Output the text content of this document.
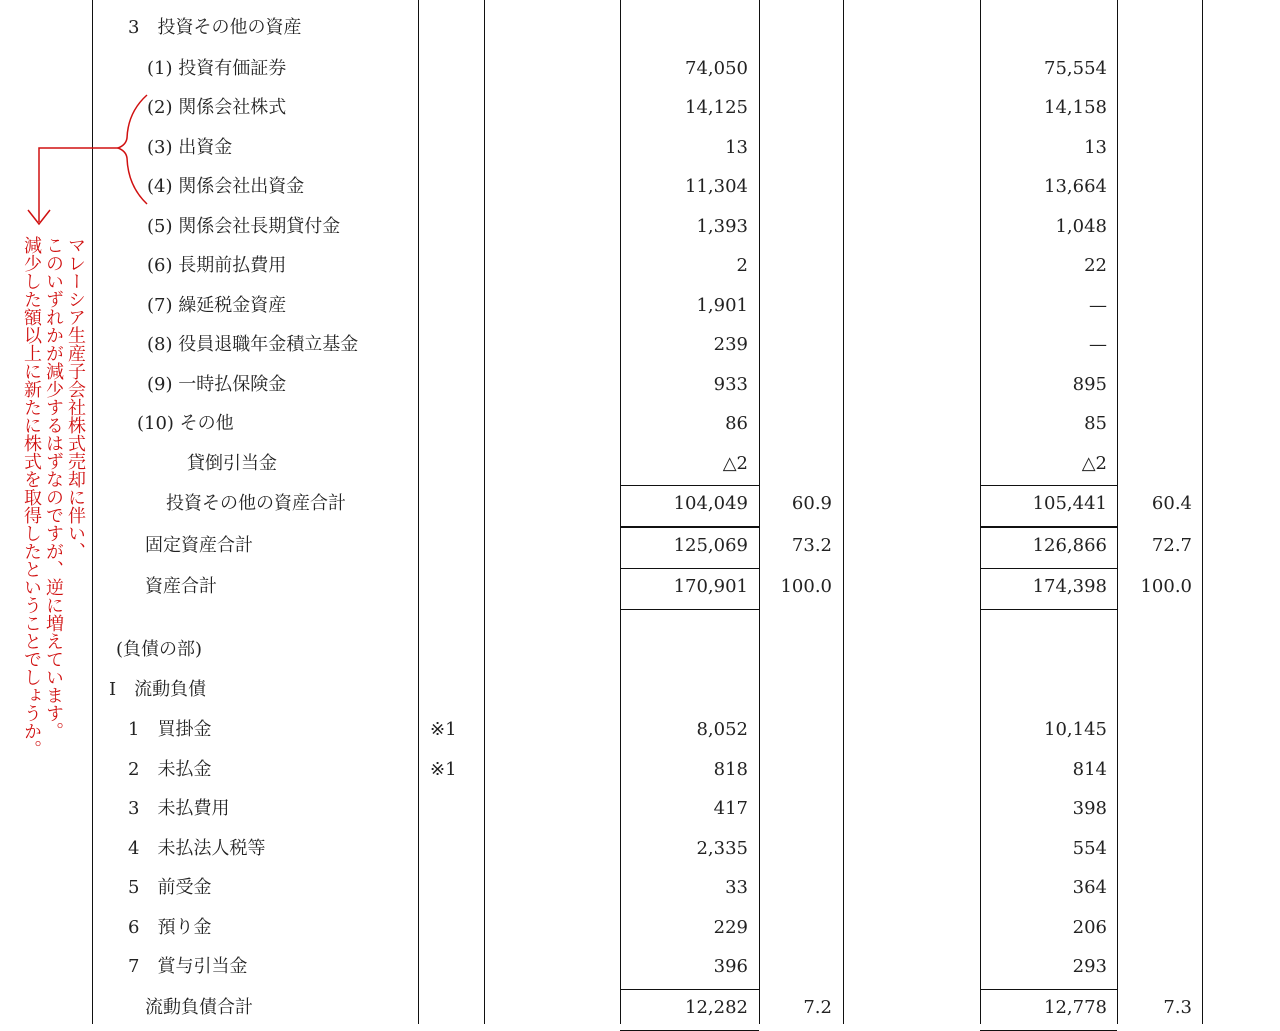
3　投資その他の資産
(1) 投資有価証券	74,050	75,554
(2) 関係会社株式	14,125	14,158
(3) 出資金	13	13
(4) 関係会社出資金	11,304	13,664
(5) 関係会社長期貸付金	1,393	1,048
(6) 長期前払費用	2	22
(7) 繰延税金資産	1,901	—
(8) 役員退職年金積立基金	239	—
(9) 一時払保険金	933	895
(10) その他	86	85
貸倒引当金	△2	△2
投資その他の資産合計	104,049	60.9	105,441	60.4
固定資産合計	125,069	73.2	126,866	72.7
資産合計	170,901	100.0	174,398	100.0
(負債の部)
Ⅰ　流動負債
1　買掛金	※1	8,052	10,145
2　未払金	※1	818	814
3　未払費用	417	398
4　未払法人税等	2,335	554
5　前受金	33	364
6　預り金	229	206
7　賞与引当金	396	293
流動負債合計	12,282	7.2	12,778	7.3
マレーシア生産子会社株式売却に伴い、
このいずれかが減少するはずなのですが、逆に増えています。
減少した額以上に新たに株式を取得したということでしょうか。
